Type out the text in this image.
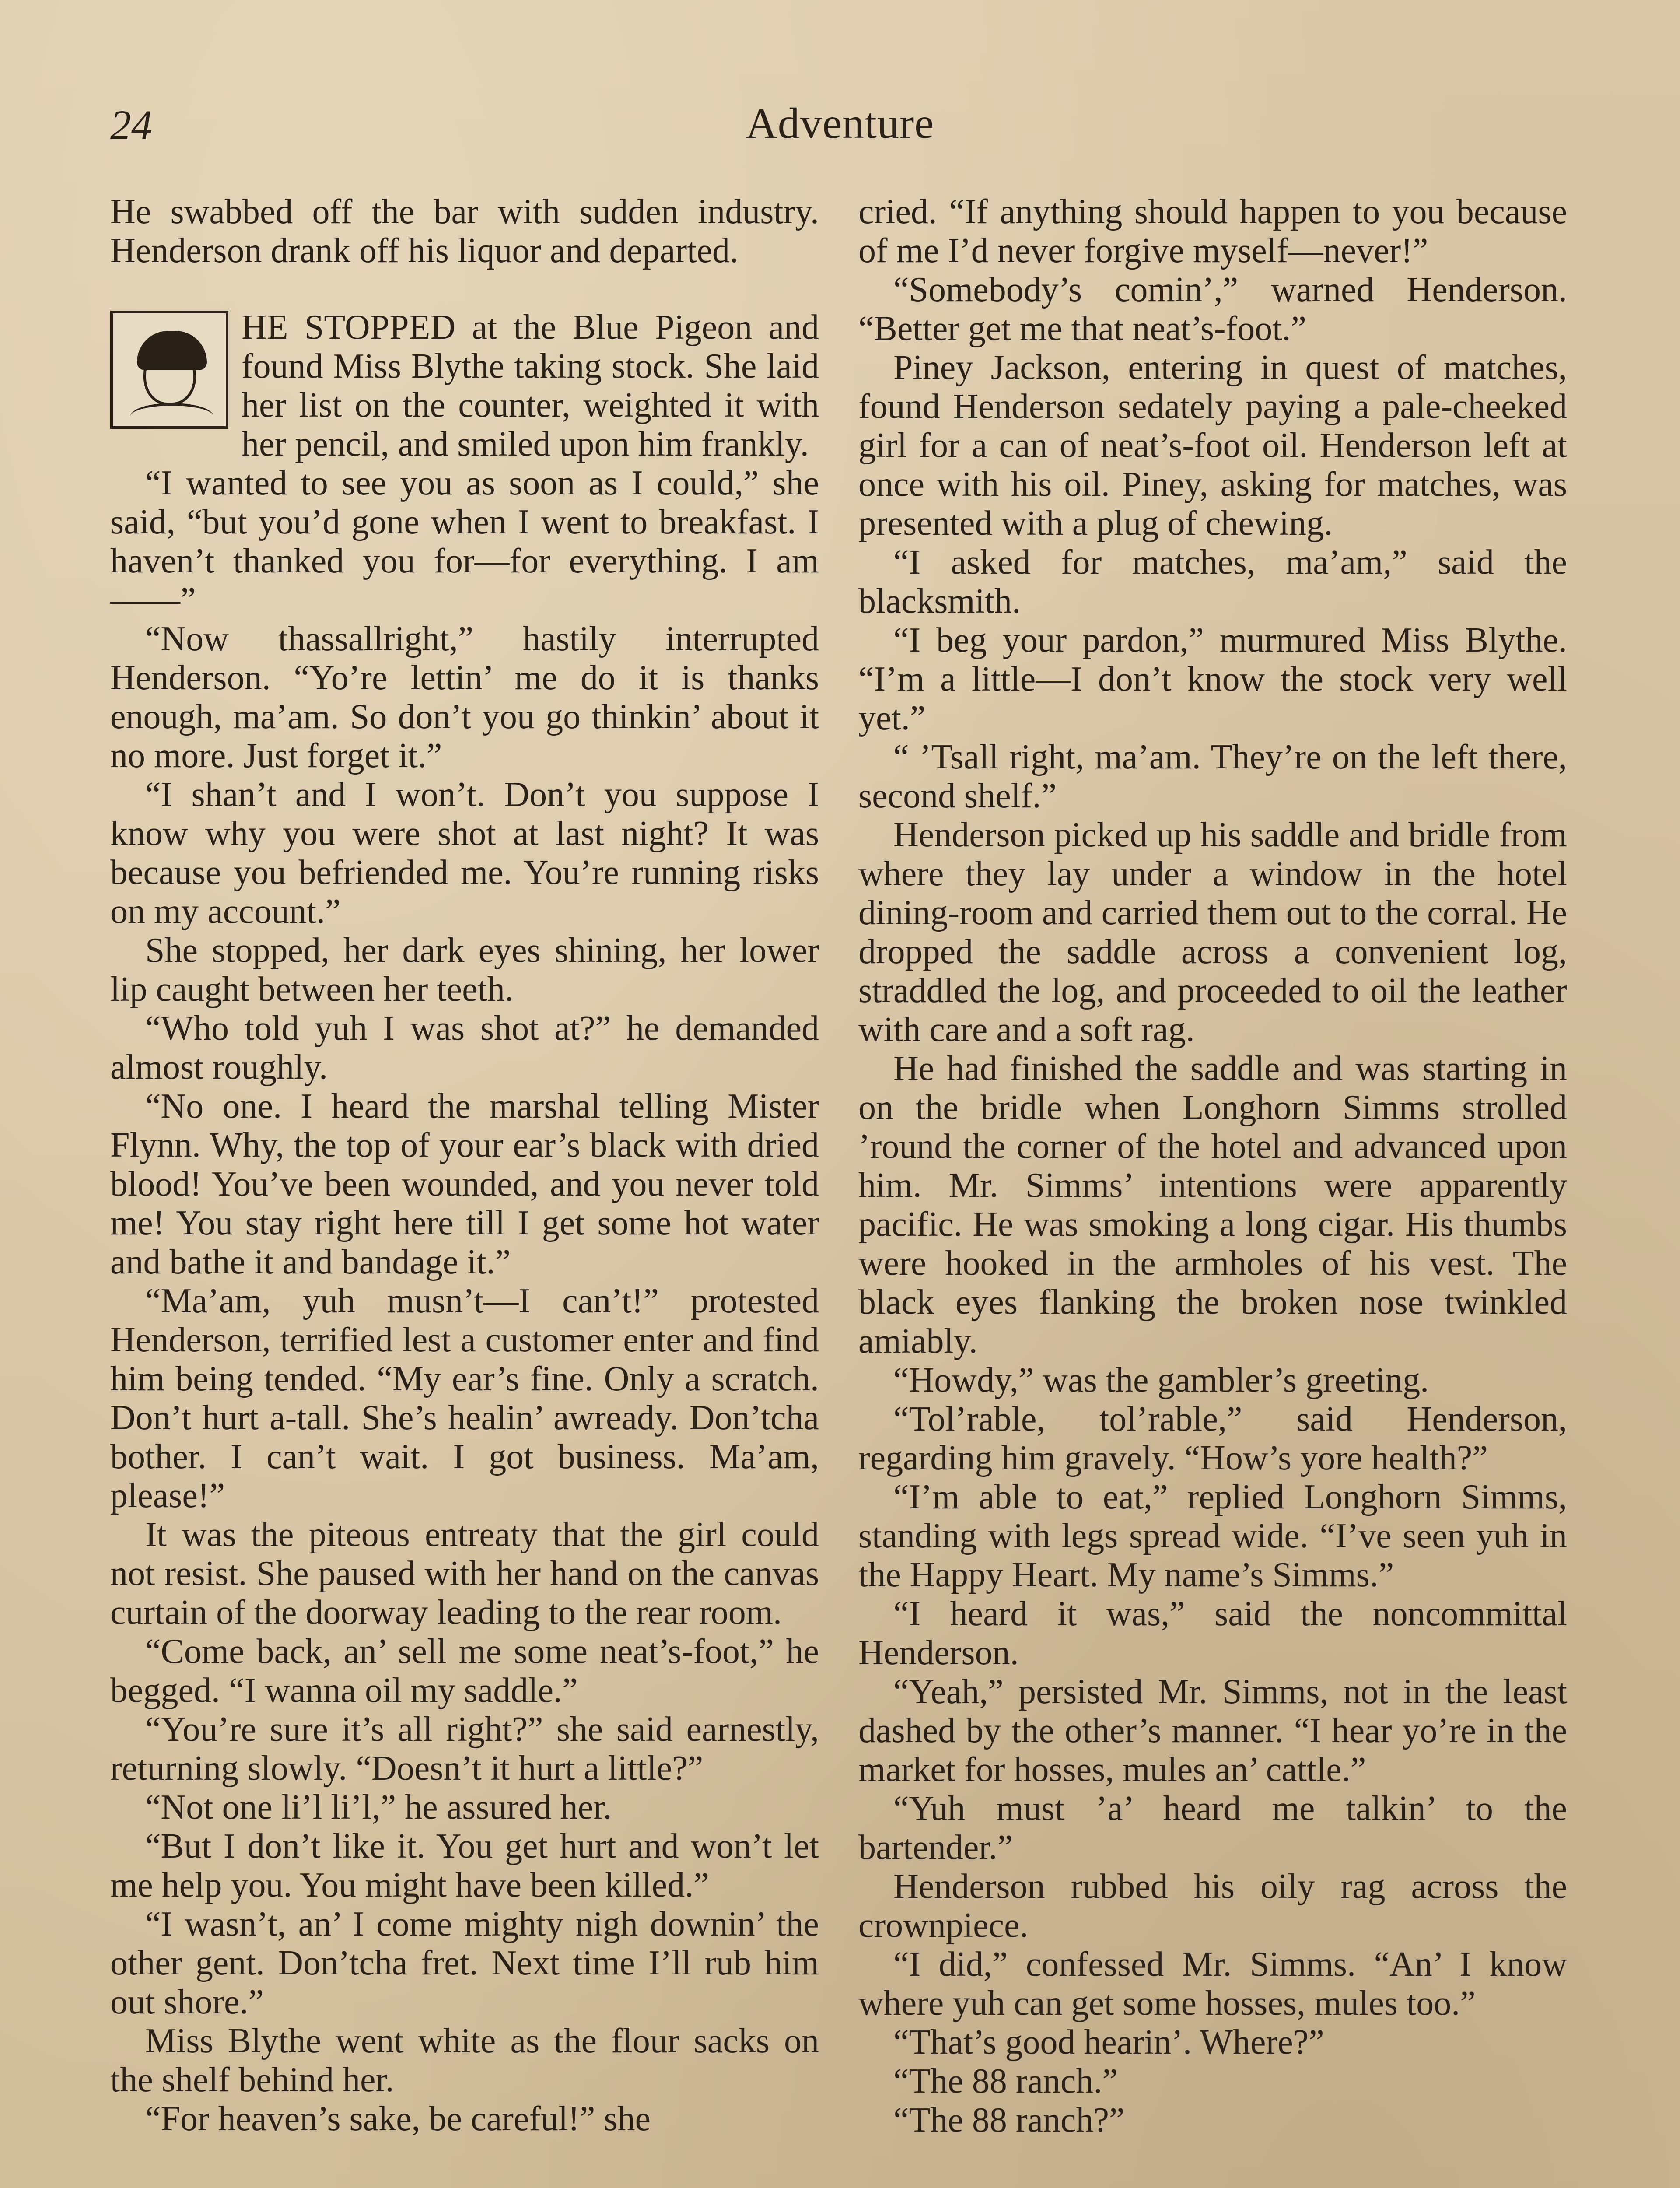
24	Adventure

He swabbed off the bar with sudden industry. Henderson drank off his liquor and departed.

HE STOPPED at the Blue Pigeon and found Miss Blythe taking stock. She laid her list on the counter, weighted it with her pencil, and smiled upon him frankly.

“I wanted to see you as soon as I could,” she said, “but you’d gone when I went to breakfast. I haven’t thanked you for—for everything. I am——”

“Now thassallright,” hastily interrupted Henderson. “Yo’re lettin’ me do it is thanks enough, ma’am. So don’t you go thinkin’ about it no more. Just forget it.”

“I shan’t and I won’t. Don’t you suppose I know why you were shot at last night? It was because you befriended me. You’re running risks on my account.”

She stopped, her dark eyes shining, her lower lip caught between her teeth.

“Who told yuh I was shot at?” he demanded almost roughly.

“No one. I heard the marshal telling Mister Flynn. Why, the top of your ear’s black with dried blood! You’ve been wounded, and you never told me! You stay right here till I get some hot water and bathe it and bandage it.”

“Ma’am, yuh musn’t—I can’t!” protested Henderson, terrified lest a customer enter and find him being tended. “My ear’s fine. Only a scratch. Don’t hurt a-tall. She’s healin’ awready. Don’tcha bother. I can’t wait. I got business. Ma’am, please!”

It was the piteous entreaty that the girl could not resist. She paused with her hand on the canvas curtain of the doorway leading to the rear room.

“Come back, an’ sell me some neat’s-foot,” he begged. “I wanna oil my saddle.”

“You’re sure it’s all right?” she said earnestly, returning slowly. “Doesn’t it hurt a little?”

“Not one li’l li’l,” he assured her.

“But I don’t like it. You get hurt and won’t let me help you. You might have been killed.”

“I wasn’t, an’ I come mighty nigh downin’ the other gent. Don’tcha fret. Next time I’ll rub him out shore.”

Miss Blythe went white as the flour sacks on the shelf behind her.

“For heaven’s sake, be careful!” she

cried. “If anything should happen to you because of me I’d never forgive myself—never!”

“Somebody’s comin’,” warned Henderson. “Better get me that neat’s-foot.”

Piney Jackson, entering in quest of matches, found Henderson sedately paying a pale-cheeked girl for a can of neat’s-foot oil. Henderson left at once with his oil. Piney, asking for matches, was presented with a plug of chewing.

“I asked for matches, ma’am,” said the blacksmith.

“I beg your pardon,” murmured Miss Blythe. “I’m a little—I don’t know the stock very well yet.”

“ ’Tsall right, ma’am. They’re on the left there, second shelf.”

Henderson picked up his saddle and bridle from where they lay under a window in the hotel dining-room and carried them out to the corral. He dropped the saddle across a convenient log, straddled the log, and proceeded to oil the leather with care and a soft rag.

He had finished the saddle and was starting in on the bridle when Longhorn Simms strolled ’round the corner of the hotel and advanced upon him. Mr. Simms’ intentions were apparently pacific. He was smoking a long cigar. His thumbs were hooked in the armholes of his vest. The black eyes flanking the broken nose twinkled amiably.

“Howdy,” was the gambler’s greeting.

“Tol’rable, tol’rable,” said Henderson, regarding him gravely. “How’s yore health?”

“I’m able to eat,” replied Longhorn Simms, standing with legs spread wide. “I’ve seen yuh in the Happy Heart. My name’s Simms.”

“I heard it was,” said the noncommittal Henderson.

“Yeah,” persisted Mr. Simms, not in the least dashed by the other’s manner. “I hear yo’re in the market for hosses, mules an’ cattle.”

“Yuh must ’a’ heard me talkin’ to the bartender.”

Henderson rubbed his oily rag across the crownpiece.

“I did,” confessed Mr. Simms. “An’ I know where yuh can get some hosses, mules too.”

“That’s good hearin’. Where?”

“The 88 ranch.”

“The 88 ranch?”
